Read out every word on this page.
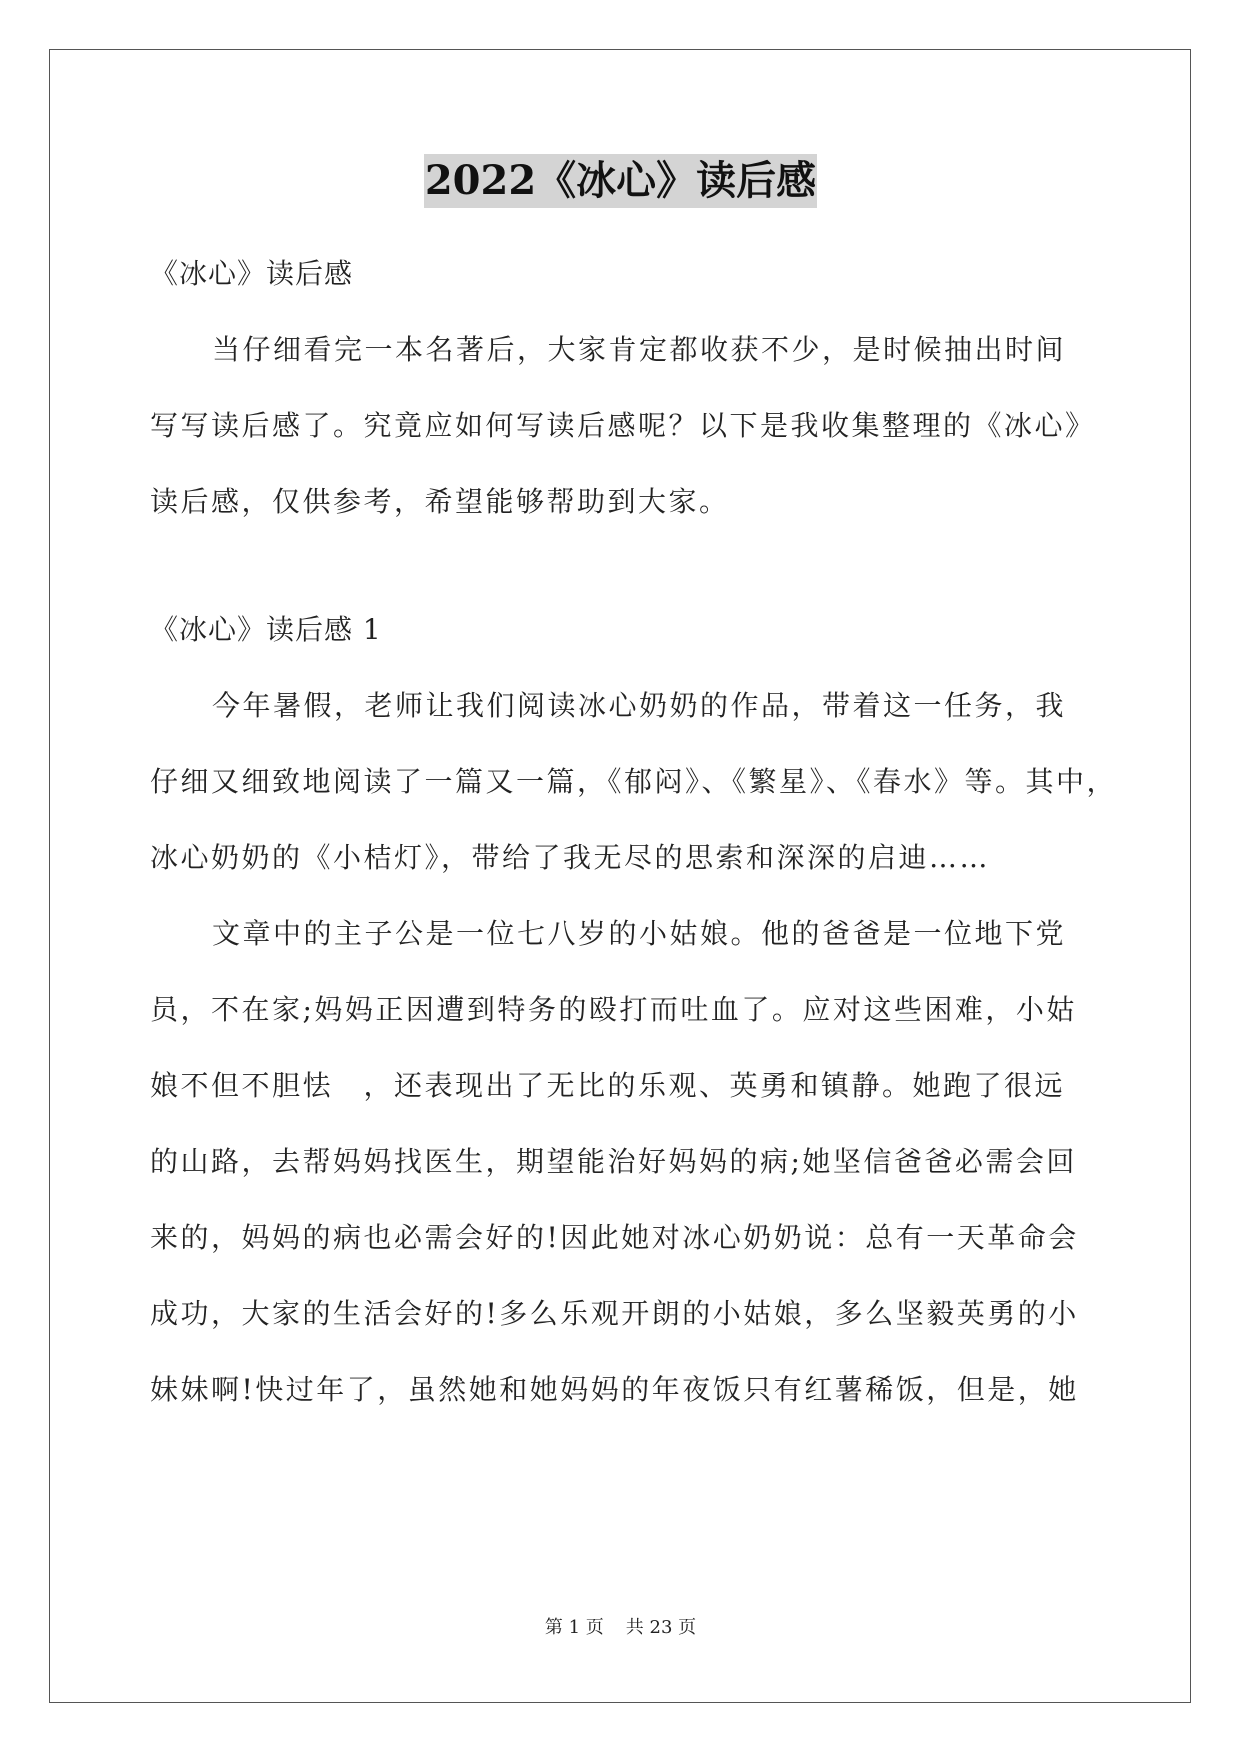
2022《冰心》读后感
《冰心》读后感
当仔细看完一本名著后，大家肯定都收获不少，是时候抽出时间
写写读后感了。究竟应如何写读后感呢？以下是我收集整理的《冰心》
读后感，仅供参考，希望能够帮助到大家。
《冰心》读后感 1
今年暑假，老师让我们阅读冰心奶奶的作品，带着这一任务，我
仔细又细致地阅读了一篇又一篇，《郁闷》、《繁星》、《春水》等。其中，
冰心奶奶的《小桔灯》，带给了我无尽的思索和深深的启迪……
文章中的主子公是一位七八岁的小姑娘。他的爸爸是一位地下党
员，不在家;妈妈正因遭到特务的殴打而吐血了。应对这些困难，小姑
娘不但不胆怯　，还表现出了无比的乐观、英勇和镇静。她跑了很远
的山路，去帮妈妈找医生，期望能治好妈妈的病;她坚信爸爸必需会回
来的，妈妈的病也必需会好的!因此她对冰心奶奶说：总有一天革命会
成功，大家的生活会好的!多么乐观开朗的小姑娘，多么坚毅英勇的小
妹妹啊!快过年了，虽然她和她妈妈的年夜饭只有红薯稀饭，但是，她
第 1 页 共 23 页
